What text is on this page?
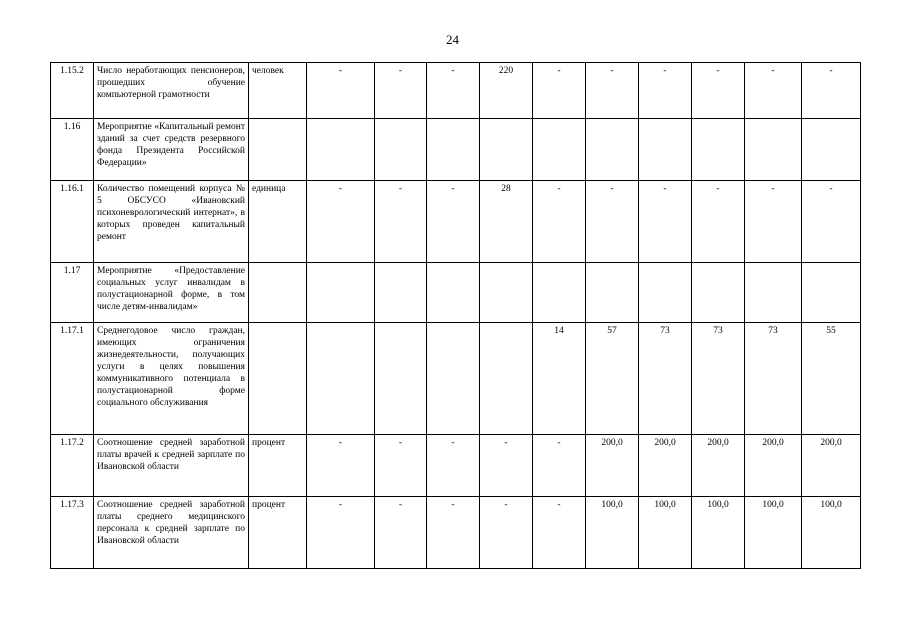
24
1.15.2	Число неработающих пенсионеров, прошедших обучение компьютерной грамотности	человек	-	-	-	220	-	-	-	-	-	-
1.16	Мероприятие «Капитальный ремонт зданий за счет средств резервного фонда Президента Российской Федерации»											
1.16.1	Количество помещений корпуса № 5 ОБСУСО «Ивановский психоневрологический интернат», в которых проведен капитальный ремонт	единица	-	-	-	28	-	-	-	-	-	-
1.17	Мероприятие «Предоставление социальных услуг инвалидам в полустационарной форме, в том числе детям-инвалидам»											
1.17.1	Среднегодовое число граждан, имеющих ограничения жизнедеятельности, получающих услуги в целях повышения коммуникативного потенциала в полустационарной форме социального обслуживания						14	57	73	73	73	55
1.17.2	Соотношение средней заработной платы врачей к средней зарплате по Ивановской области	процент	-	-	-	-	-	200,0	200,0	200,0	200,0	200,0
1.17.3	Соотношение средней заработной платы среднего медицинского персонала к средней зарплате по Ивановской области	процент	-	-	-	-	-	100,0	100,0	100,0	100,0	100,0
